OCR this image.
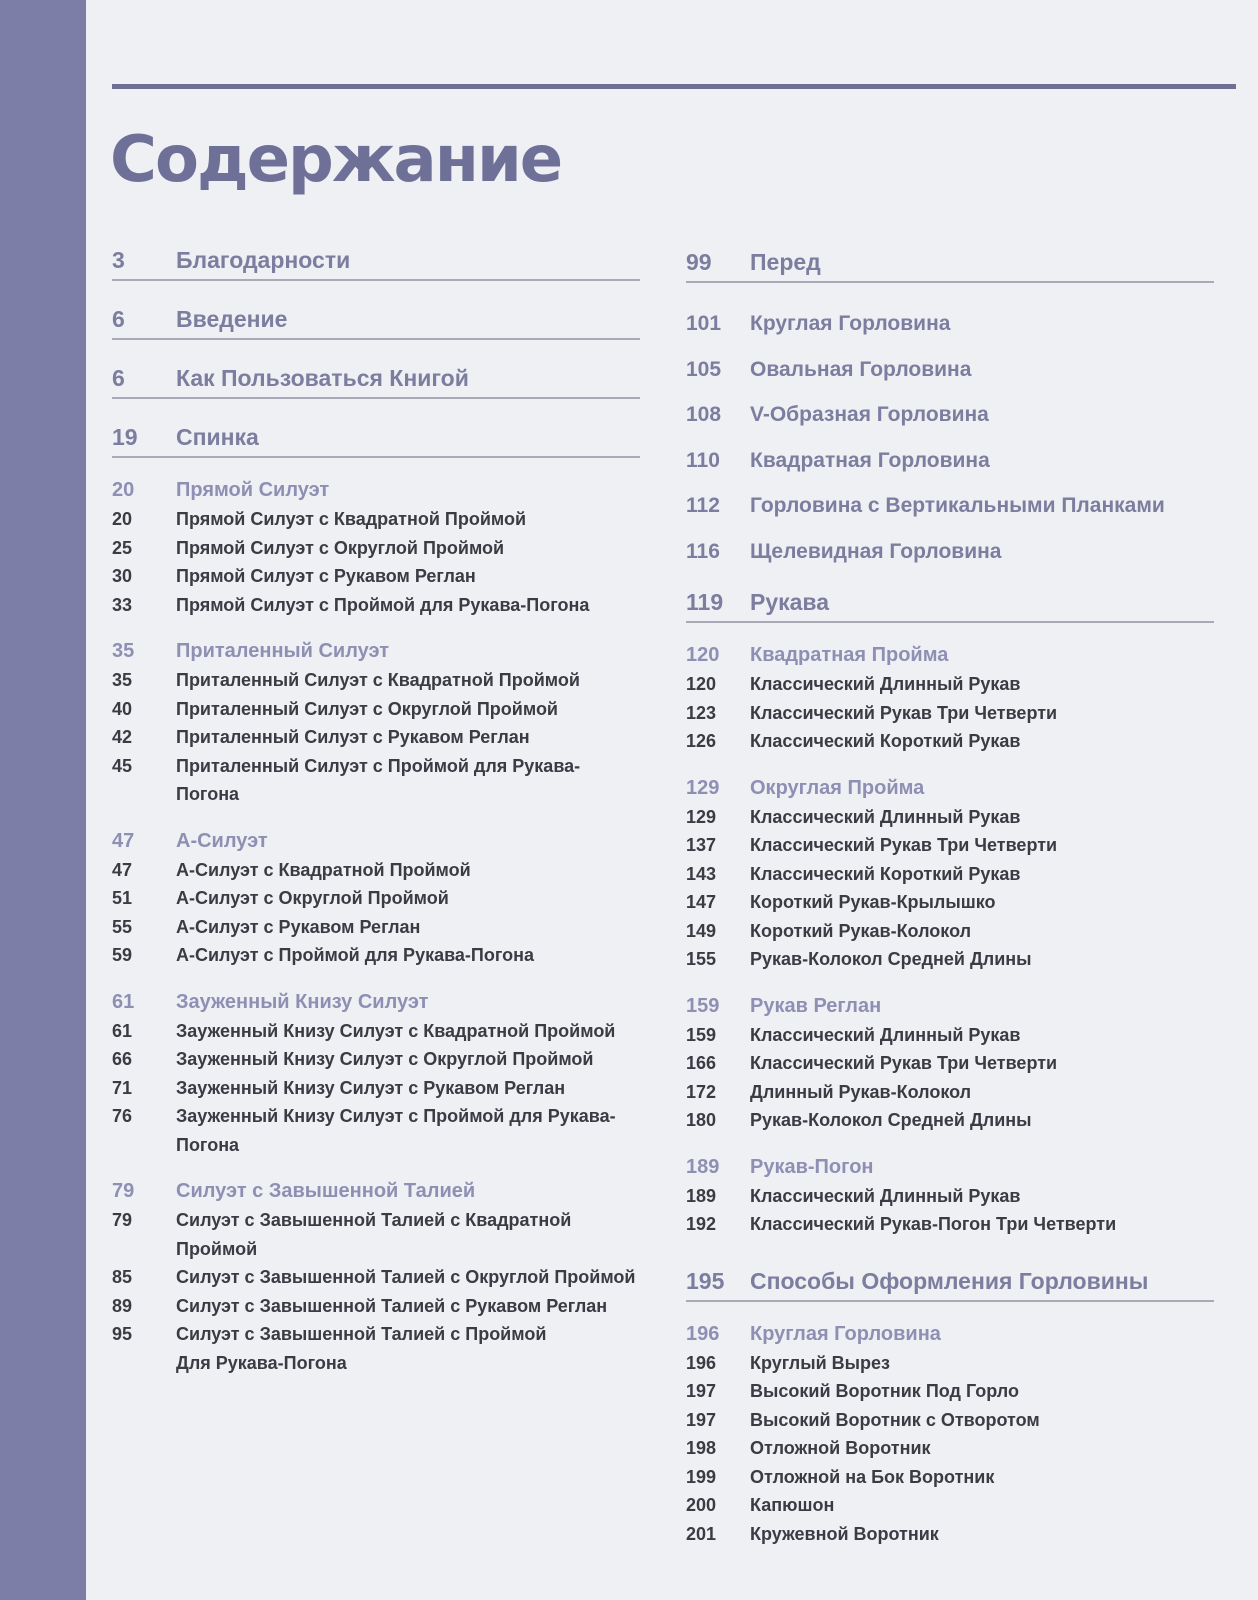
Содержание
3	Благодарности
6	Введение
6	Как Пользоваться Книгой
19	Спинка
20	Прямой Силуэт
20	Прямой Силуэт с Квадратной Проймой
25	Прямой Силуэт с Округлой Проймой
30	Прямой Силуэт с Рукавом Реглан
33	Прямой Силуэт с Проймой для Рукава-Погона
35	Приталенный Силуэт
35	Приталенный Силуэт с Квадратной Проймой
40	Приталенный Силуэт с Округлой Проймой
42	Приталенный Силуэт с Рукавом Реглан
45	Приталенный Силуэт с Проймой для Рукава-Погона
47	А-Силуэт
47	А-Силуэт с Квадратной Проймой
51	А-Силуэт с Округлой Проймой
55	А-Силуэт с Рукавом Реглан
59	А-Силуэт с Проймой для Рукава-Погона
61	Зауженный Книзу Силуэт
61	Зауженный Книзу Силуэт с Квадратной Проймой
66	Зауженный Книзу Силуэт с Округлой Проймой
71	Зауженный Книзу Силуэт с Рукавом Реглан
76	Зауженный Книзу Силуэт с Проймой для Рукава-Погона
79	Силуэт с Завышенной Талией
79	Силуэт с Завышенной Талией с Квадратной Проймой
85	Силуэт с Завышенной Талией с Округлой Проймой
89	Силуэт с Завышенной Талией с Рукавом Реглан
95	Силуэт с Завышенной Талией с Проймой
Для Рукава-Погона
99	Перед
101	Круглая Горловина
105	Овальная Горловина
108	V-Образная Горловина
110	Квадратная Горловина
112	Горловина с Вертикальными Планками
116	Щелевидная Горловина
119	Рукава
120	Квадратная Пройма
120	Классический Длинный Рукав
123	Классический Рукав Три Четверти
126	Классический Короткий Рукав
129	Округлая Пройма
129	Классический Длинный Рукав
137	Классический Рукав Три Четверти
143	Классический Короткий Рукав
147	Короткий Рукав-Крылышко
149	Короткий Рукав-Колокол
155	Рукав-Колокол Средней Длины
159	Рукав Реглан
159	Классический Длинный Рукав
166	Классический Рукав Три Четверти
172	Длинный Рукав-Колокол
180	Рукав-Колокол Средней Длины
189	Рукав-Погон
189	Классический Длинный Рукав
192	Классический Рукав-Погон Три Четверти
195	Способы Оформления Горловины
196	Круглая Горловина
196	Круглый Вырез
197	Высокий Воротник Под Горло
197	Высокий Воротник с Отворотом
198	Отложной Воротник
199	Отложной на Бок Воротник
200	Капюшон
201	Кружевной Воротник
